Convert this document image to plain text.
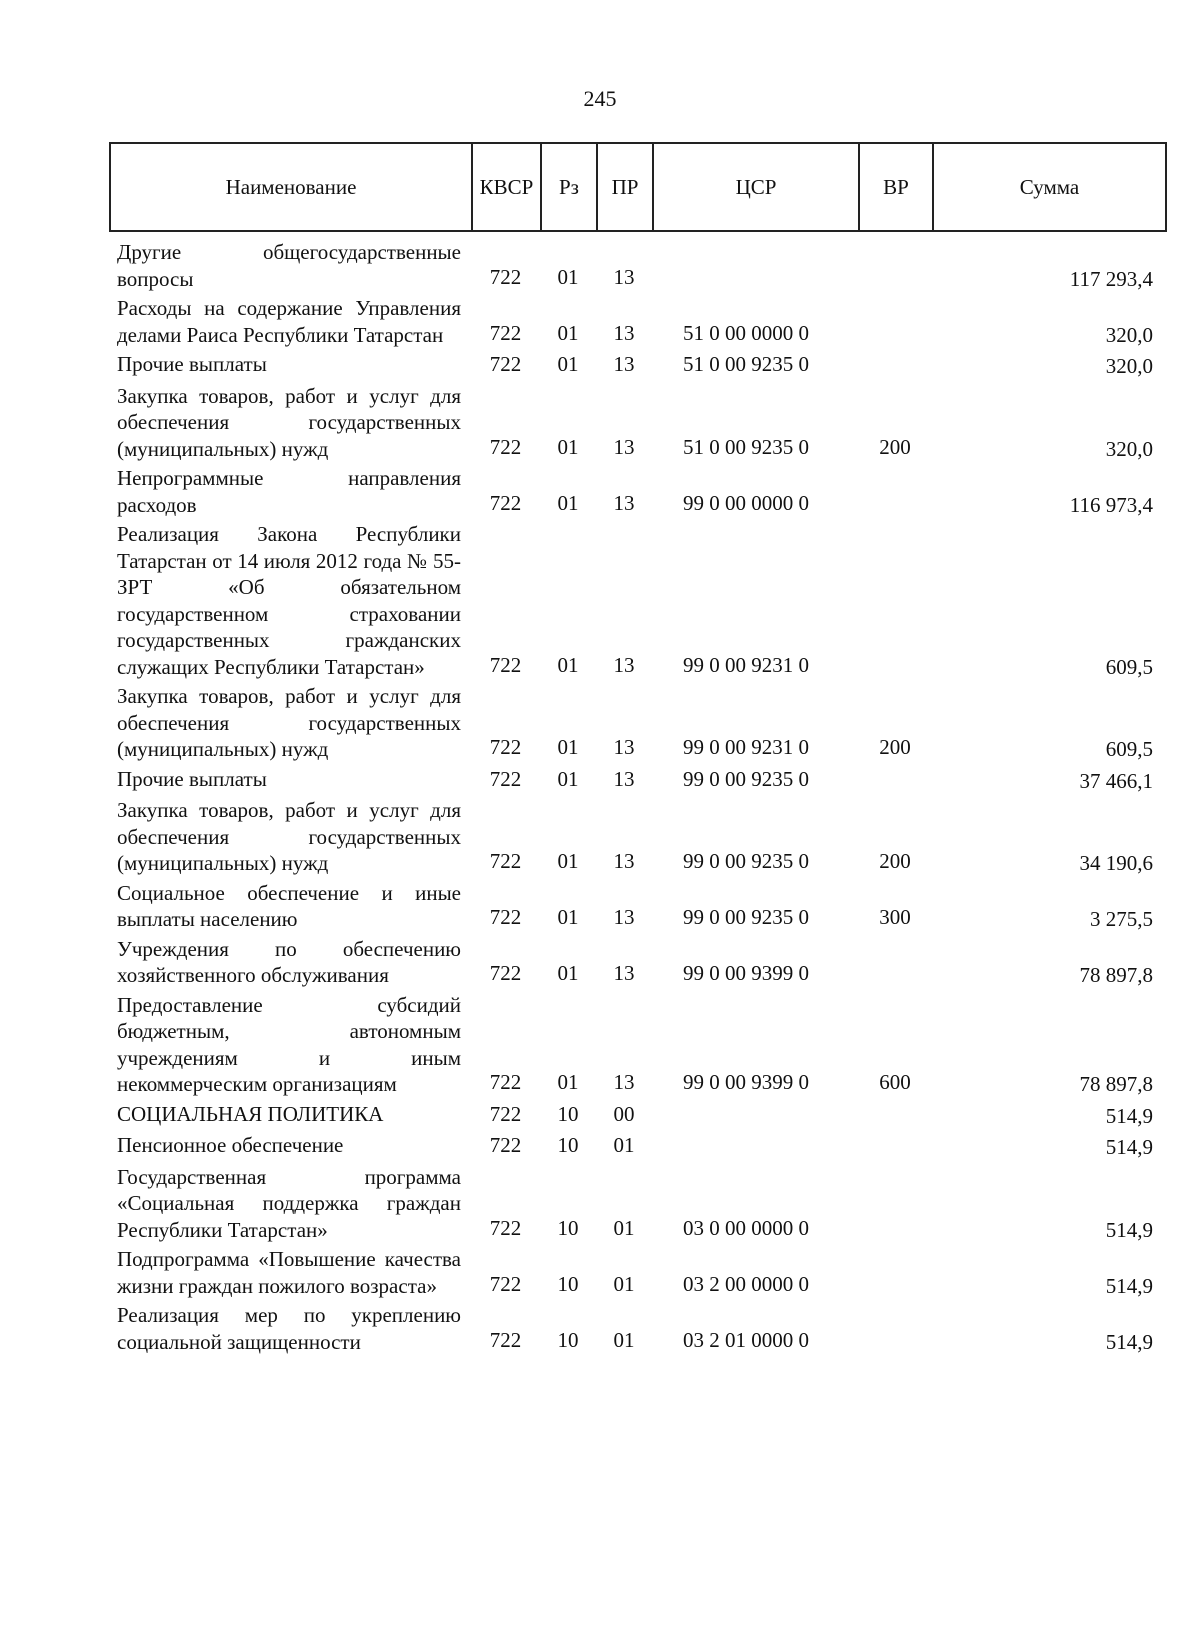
245
Наименование	КВСР	Рз	ПР	ЦСР	ВР	Сумма
Другие общегосударственные вопросы	722	01	13			117 293,4
Расходы на содержание Управления делами Раиса Республики Татарстан	722	01	13	51 0 00 0000 0		320,0
Прочие выплаты	722	01	13	51 0 00 9235 0		320,0
Закупка товаров, работ и услуг для обеспечения государственных (муниципальных) нужд	722	01	13	51 0 00 9235 0	200	320,0
Непрограммные направления расходов	722	01	13	99 0 00 0000 0		116 973,4
Реализация Закона Республики Татарстан от 14 июля 2012 года № 55-ЗРТ «Об обязательном государственном страховании государственных гражданских служащих Республики Татарстан»	722	01	13	99 0 00 9231 0		609,5
Закупка товаров, работ и услуг для обеспечения государственных (муниципальных) нужд	722	01	13	99 0 00 9231 0	200	609,5
Прочие выплаты	722	01	13	99 0 00 9235 0		37 466,1
Закупка товаров, работ и услуг для обеспечения государственных (муниципальных) нужд	722	01	13	99 0 00 9235 0	200	34 190,6
Социальное обеспечение и иные выплаты населению	722	01	13	99 0 00 9235 0	300	3 275,5
Учреждения по обеспечению хозяйственного обслуживания	722	01	13	99 0 00 9399 0		78 897,8
Предоставление субсидий бюджетным, автономным учреждениям и иным некоммерческим организациям	722	01	13	99 0 00 9399 0	600	78 897,8
СОЦИАЛЬНАЯ ПОЛИТИКА	722	10	00			514,9
Пенсионное обеспечение	722	10	01			514,9
Государственная программа «Социальная поддержка граждан Республики Татарстан»	722	10	01	03 0 00 0000 0		514,9
Подпрограмма «Повышение качества жизни граждан пожилого возраста»	722	10	01	03 2 00 0000 0		514,9
Реализация мер по укреплению социальной защищенности	722	10	01	03 2 01 0000 0		514,9
